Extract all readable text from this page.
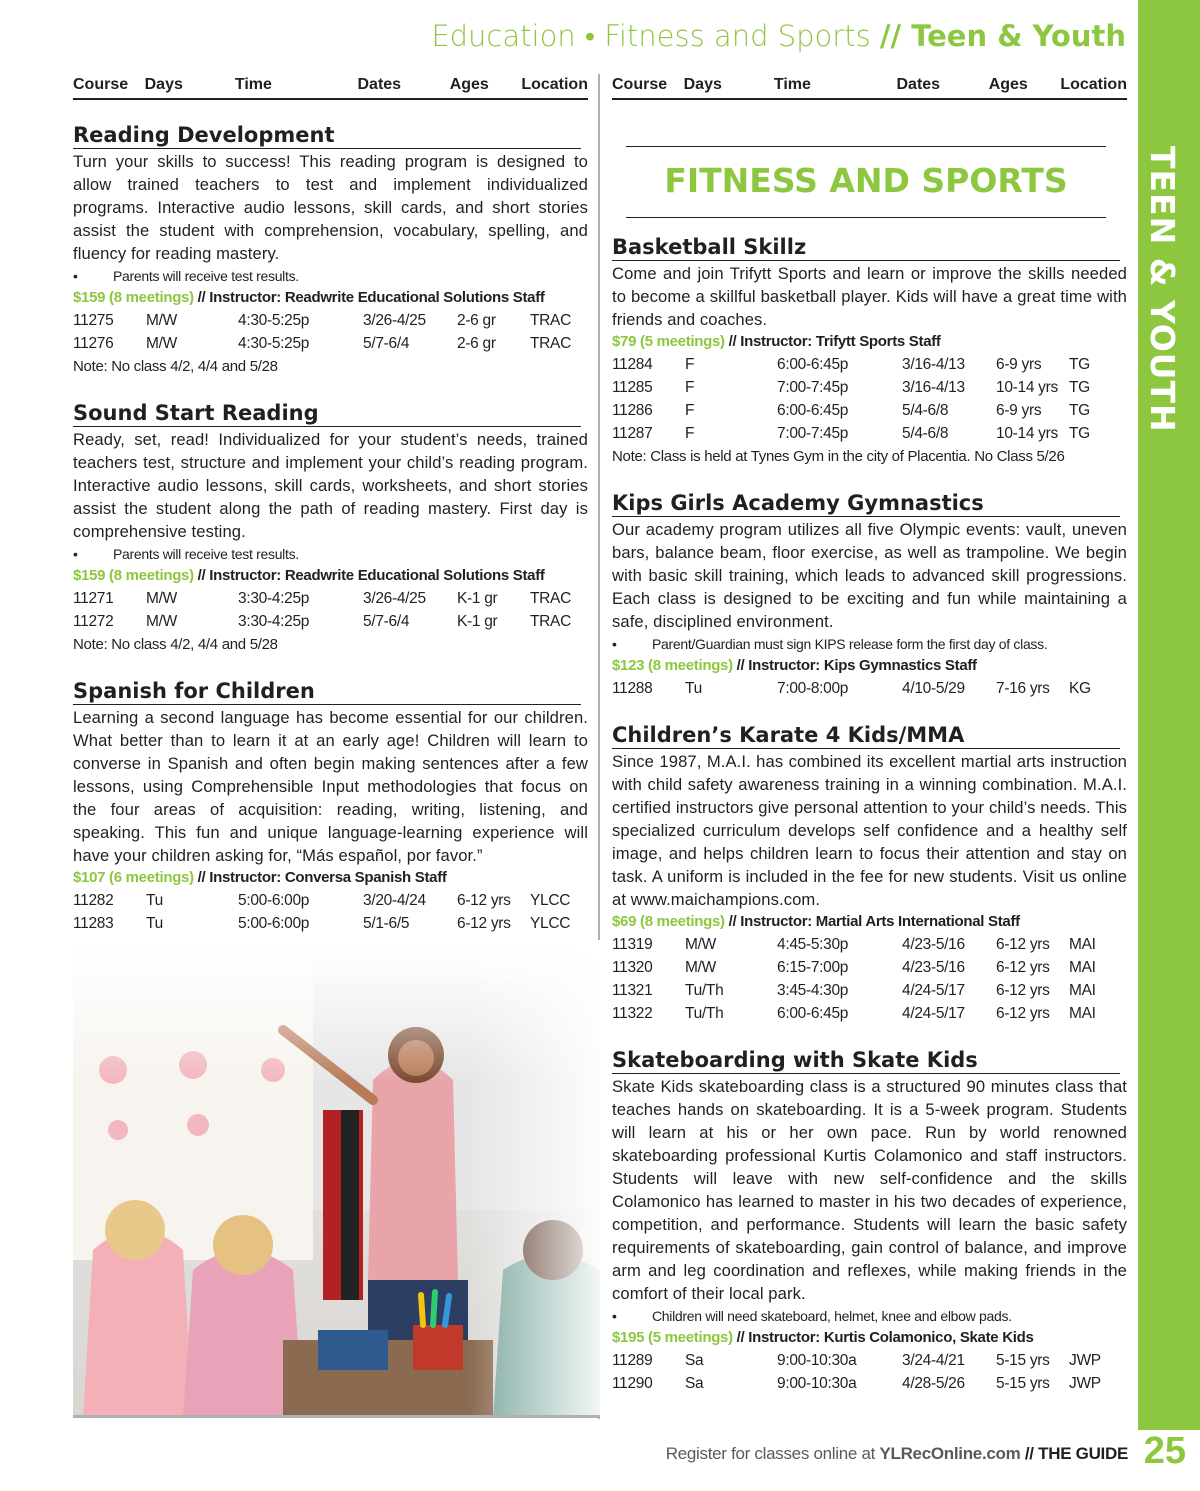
Education • Fitness and Sports // Teen & Youth
TEEN & YOUTH
Course	Days	Time	Dates	Ages	Location Course	Days	Time	Dates	Ages	Location
Reading Development
Turn your skills to success! This reading program is designed to allow trained teachers to test and implement individualized programs. Interactive audio lessons, skill cards, and short stories assist the student with comprehension, vocabulary, spelling, and fluency for reading mastery.
•	Parents will receive test results.
$159 (8 meetings) // Instructor: Readwrite Educational Solutions Staff
11275	M/W	4:30-5:25p	3/26-4/25	2-6 gr	TRAC
11276	M/W	4:30-5:25p	5/7-6/4	2-6 gr	TRAC
Note: No class 4/2, 4/4 and 5/28
Sound Start Reading
Ready, set, read! Individualized for your student’s needs, trained teachers test, structure and implement your child’s reading program. Interactive audio lessons, skill cards, worksheets, and short stories assist the student along the path of reading mastery. First day is comprehensive testing.
•	Parents will receive test results.
$159 (8 meetings) // Instructor: Readwrite Educational Solutions Staff
11271	M/W	3:30-4:25p	3/26-4/25	K-1 gr	TRAC
11272	M/W	3:30-4:25p	5/7-6/4	K-1 gr	TRAC
Note: No class 4/2, 4/4 and 5/28
Spanish for Children
Learning a second language has become essential for our children. What better than to learn it at an early age! Children will learn to converse in Spanish and often begin making sentences after a few lessons, using Comprehensible Input methodologies that focus on the four areas of acquisition: reading, writing, listening, and speaking. This fun and unique language-learning experience will have your children asking for, “Más español, por favor.”
$107 (6 meetings) // Instructor: Conversa Spanish Staff
11282	Tu	5:00-6:00p	3/20-4/24	6-12 yrs	YLCC
11283	Tu	5:00-6:00p	5/1-6/5	6-12 yrs	YLCC
FITNESS AND SPORTS
Basketball Skillz
Come and join Trifytt Sports and learn or improve the skills needed to become a skillful basketball player. Kids will have a great time with friends and coaches.
$79 (5 meetings) // Instructor: Trifytt Sports Staff
11284	F	6:00-6:45p	3/16-4/13	6-9 yrs	TG
11285	F	7:00-7:45p	3/16-4/13	10-14 yrs TG
11286	F	6:00-6:45p	5/4-6/8	6-9 yrs	TG
11287	F	7:00-7:45p	5/4-6/8	10-14 yrs TG
Note: Class is held at Tynes Gym in the city of Placentia. No Class 5/26
Kips Girls Academy Gymnastics
Our academy program utilizes all five Olympic events: vault, uneven bars, balance beam, floor exercise, as well as trampoline. We begin with basic skill training, which leads to advanced skill progressions. Each class is designed to be exciting and fun while maintaining a safe, disciplined environment.
•	Parent/Guardian must sign KIPS release form the first day of class.
$123 (8 meetings) // Instructor: Kips Gymnastics Staff
11288	Tu	7:00-8:00p	4/10-5/29	7-16 yrs	KG
Children’s Karate 4 Kids/MMA
Since 1987, M.A.I. has combined its excellent martial arts instruction with child safety awareness training in a winning combination. M.A.I. certified instructors give personal attention to your child’s needs. This specialized curriculum develops self confidence and a healthy self image, and helps children learn to focus their attention and stay on task. A uniform is included in the fee for new students. Visit us online at www.maichampions.com.
$69 (8 meetings) // Instructor: Martial Arts International Staff
11319	M/W	4:45-5:30p	4/23-5/16	6-12 yrs	MAI
11320	M/W	6:15-7:00p	4/23-5/16	6-12 yrs	MAI
11321	Tu/Th	3:45-4:30p	4/24-5/17	6-12 yrs	MAI
11322	Tu/Th	6:00-6:45p	4/24-5/17	6-12 yrs	MAI
Skateboarding with Skate Kids
Skate Kids skateboarding class is a structured 90 minutes class that teaches hands on skateboarding. It is a 5-week program. Students will learn at his or her own pace. Run by world renowned skateboarding professional Kurtis Colamonico and staff instructors. Students will leave with new self-confidence and the skills Colamonico has learned to master in his two decades of experience, competition, and performance. Students will learn the basic safety requirements of skateboarding, gain control of balance, and improve arm and leg coordination and reflexes, while making friends in the comfort of their local park.
•	Children will need skateboard, helmet, knee and elbow pads.
$195 (5 meetings) // Instructor: Kurtis Colamonico, Skate Kids
11289	Sa	9:00-10:30a	3/24-4/21	5-15 yrs	JWP
11290	Sa	9:00-10:30a	4/28-5/26	5-15 yrs	JWP
Register for classes online at YLRecOnline.com // THE GUIDE 25
